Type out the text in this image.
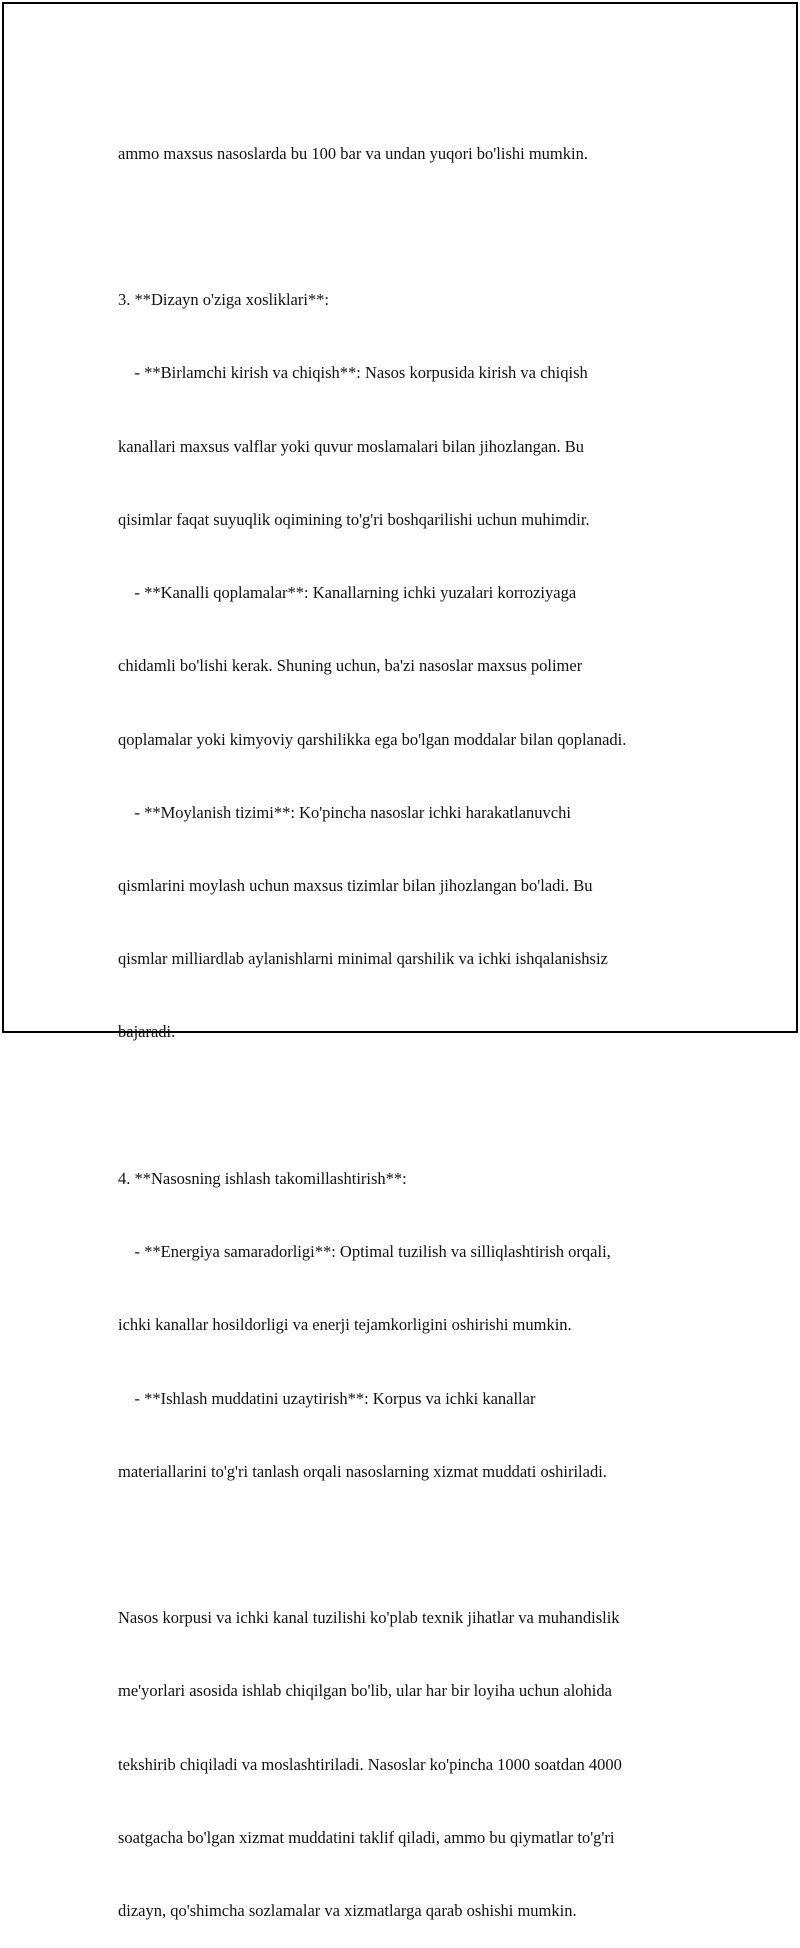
ammo maxsus nasoslarda bu 100 bar va undan yuqori bo'lishi mumkin.

3. **Dizayn o'ziga xosliklari**:

- **Birlamchi kirish va chiqish**: Nasos korpusida kirish va chiqish

kanallari maxsus valflar yoki quvur moslamalari bilan jihozlangan. Bu

qisimlar faqat suyuqlik oqimining to'g'ri boshqarilishi uchun muhimdir.

- **Kanalli qoplamalar**: Kanallarning ichki yuzalari korroziyaga

chidamli bo'lishi kerak. Shuning uchun, ba'zi nasoslar maxsus polimer

qoplamalar yoki kimyoviy qarshilikka ega bo'lgan moddalar bilan qoplanadi.

- **Moylanish tizimi**: Ko'pincha nasoslar ichki harakatlanuvchi

qismlarini moylash uchun maxsus tizimlar bilan jihozlangan bo'ladi. Bu

qismlar milliardlab aylanishlarni minimal qarshilik va ichki ishqalanishsiz

bajaradi.

4. **Nasosning ishlash takomillashtirish**:

- **Energiya samaradorligi**: Optimal tuzilish va silliqlashtirish orqali,

ichki kanallar hosildorligi va enerji tejamkorligini oshirishi mumkin.

- **Ishlash muddatini uzaytirish**: Korpus va ichki kanallar

materiallarini to'g'ri tanlash orqali nasoslarning xizmat muddati oshiriladi.

Nasos korpusi va ichki kanal tuzilishi ko'plab texnik jihatlar va muhandislik

me'yorlari asosida ishlab chiqilgan bo'lib, ular har bir loyiha uchun alohida

tekshirib chiqiladi va moslashtiriladi. Nasoslar ko'pincha 1000 soatdan 4000

soatgacha bo'lgan xizmat muddatini taklif qiladi, ammo bu qiymatlar to'g'ri

dizayn, qo'shimcha sozlamalar va xizmatlarga qarab oshishi mumkin.
